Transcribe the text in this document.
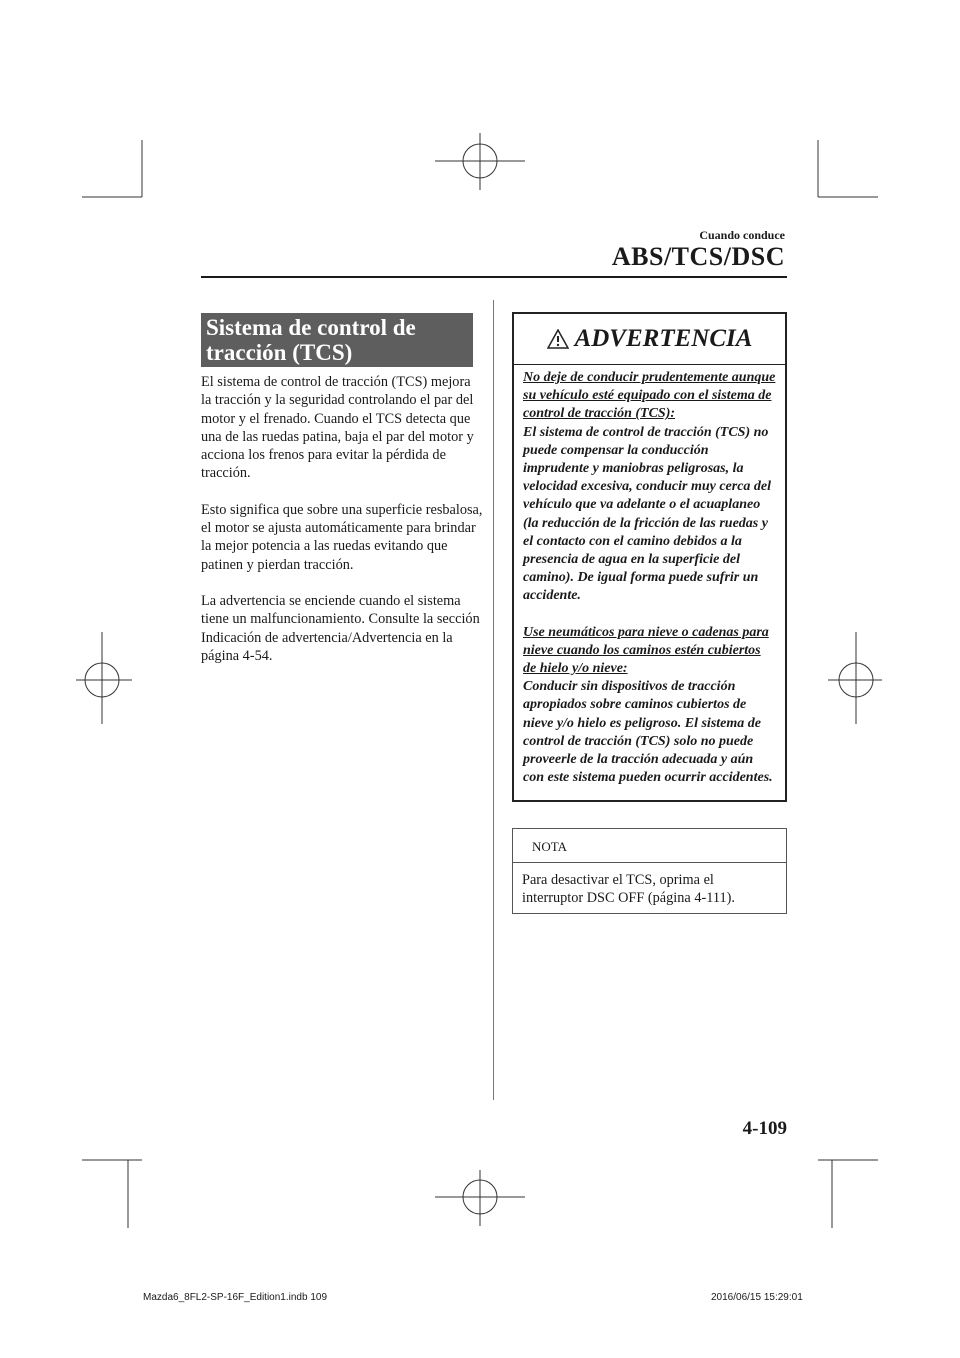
Cuando conduce
ABS/TCS/DSC
Sistema de control de
tracción (TCS)

El sistema de control de tracción (TCS) mejora la tracción y la seguridad controlando el par del motor y el frenado. Cuando el TCS detecta que una de las ruedas patina, baja el par del motor y acciona los frenos para evitar la pérdida de tracción.

Esto significa que sobre una superficie resbalosa, el motor se ajusta automáticamente para brindar la mejor potencia a las ruedas evitando que patinen y pierdan tracción.

La advertencia se enciende cuando el sistema tiene un malfuncionamiento. Consulte la sección Indicación de advertencia/Advertencia en la página 4-54.

ADVERTENCIA

No deje de conducir prudentemente aunque su vehículo esté equipado con el sistema de control de tracción (TCS):
El sistema de control de tracción (TCS) no puede compensar la conducción imprudente y maniobras peligrosas, la velocidad excesiva, conducir muy cerca del vehículo que va adelante o el acuaplaneo (la reducción de la fricción de las ruedas y el contacto con el camino debidos a la presencia de agua en la superficie del camino). De igual forma puede sufrir un accidente.

Use neumáticos para nieve o cadenas para nieve cuando los caminos estén cubiertos de hielo y/o nieve:
Conducir sin dispositivos de tracción apropiados sobre caminos cubiertos de nieve y/o hielo es peligroso. El sistema de control de tracción (TCS) solo no puede proveerle de la tracción adecuada y aún con este sistema pueden ocurrir accidentes.

NOTA
Para desactivar el TCS, oprima el interruptor DSC OFF (página 4-111).
4-109
Mazda6_8FL2-SP-16F_Edition1.indb 109	2016/06/15 15:29:01
